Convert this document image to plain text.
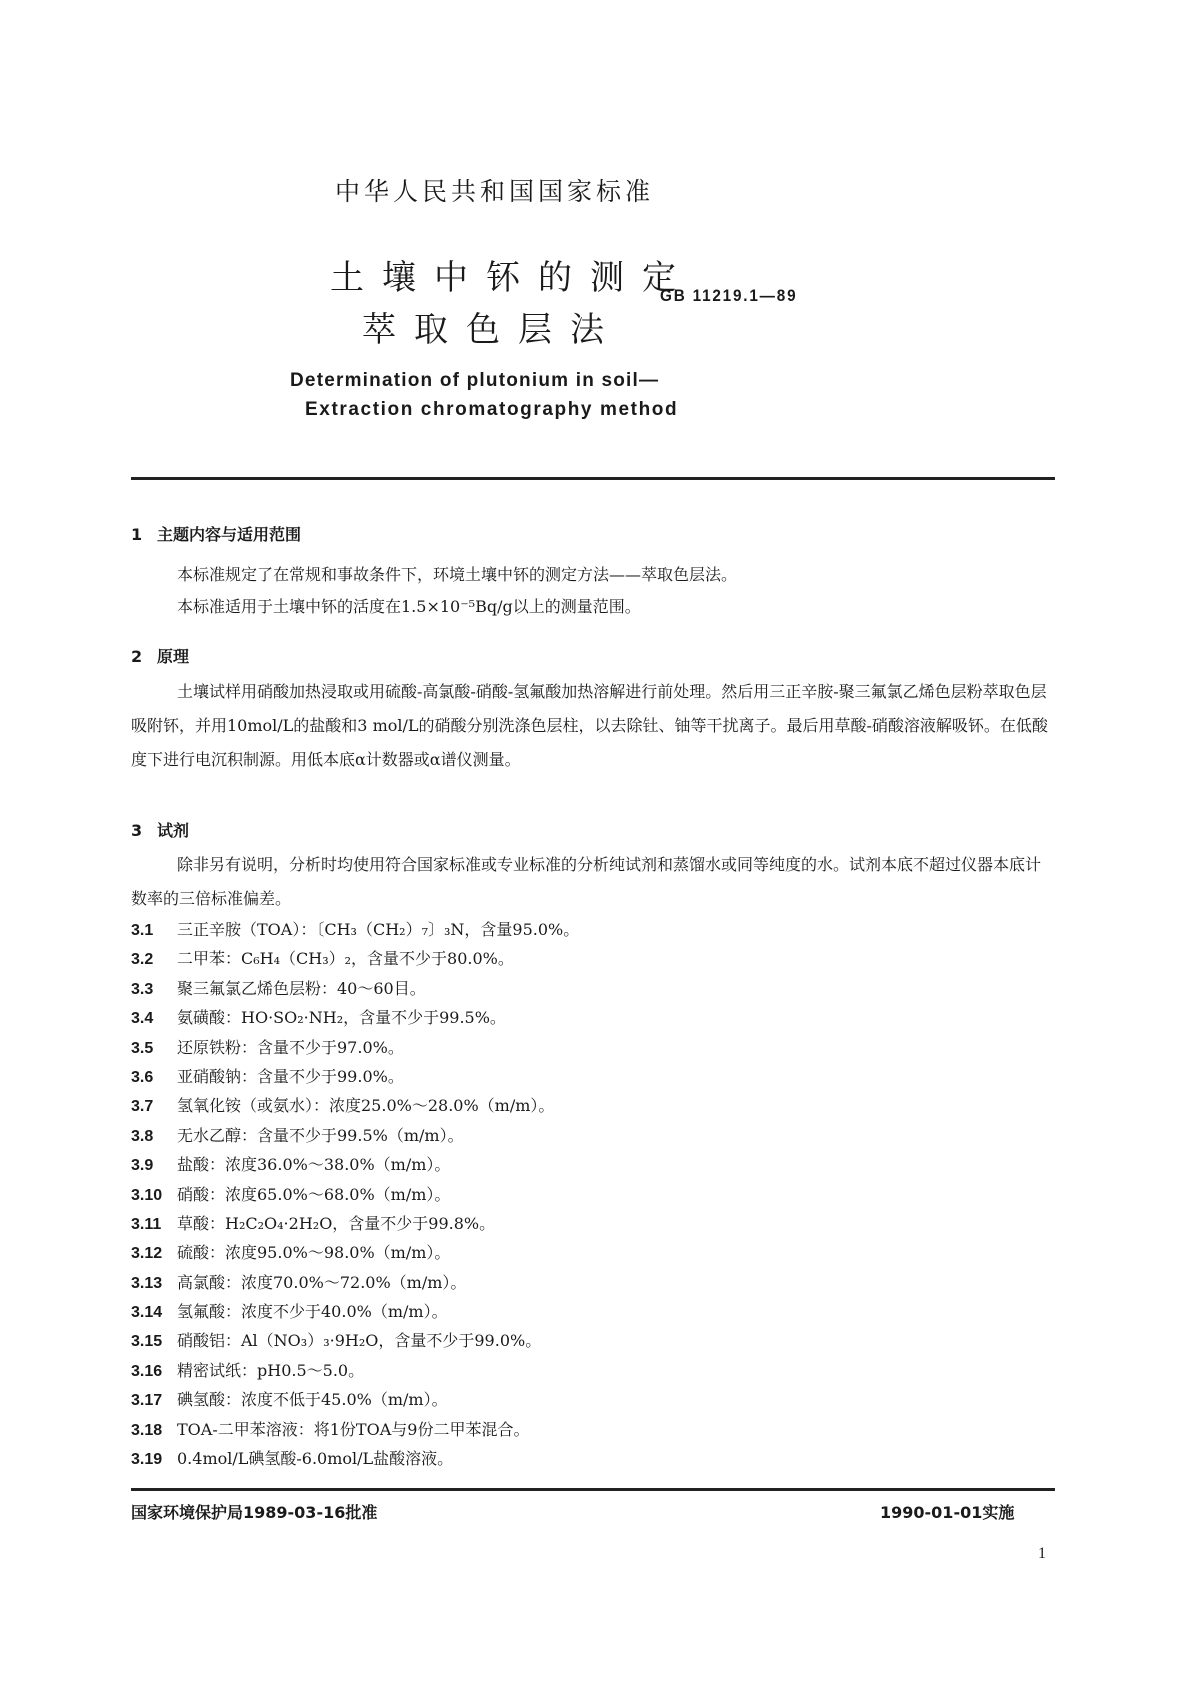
中华人民共和国国家标准
土壤中钚的测定
萃取色层法
GB 11219.1—89
Determination of plutonium in soil—
Extraction chromatography method
1 主题内容与适用范围
本标准规定了在常规和事故条件下，环境土壤中钚的测定方法——萃取色层法。
本标准适用于土壤中钚的活度在1.5×10⁻⁵Bq/g以上的测量范围。
2 原理
土壤试样用硝酸加热浸取或用硫酸-高氯酸-硝酸-氢氟酸加热溶解进行前处理。然后用三正辛胺-聚三氟氯乙烯色层粉萃取色层吸附钚，并用10mol/L的盐酸和3 mol/L的硝酸分别洗涤色层柱，以去除钍、铀等干扰离子。最后用草酸-硝酸溶液解吸钚。在低酸度下进行电沉积制源。用低本底α计数器或α谱仪测量。
3 试剂
除非另有说明，分析时均使用符合国家标准或专业标准的分析纯试剂和蒸馏水或同等纯度的水。试剂本底不超过仪器本底计数率的三倍标准偏差。
3.1 三正辛胺（TOA）：〔CH₃（CH₂）₇〕₃N，含量95.0%。
3.2 二甲苯：C₆H₄（CH₃）₂，含量不少于80.0%。
3.3 聚三氟氯乙烯色层粉：40～60目。
3.4 氨磺酸：HO·SO₂·NH₂，含量不少于99.5%。
3.5 还原铁粉：含量不少于97.0%。
3.6 亚硝酸钠：含量不少于99.0%。
3.7 氢氧化铵（或氨水）：浓度25.0%～28.0%（m/m）。
3.8 无水乙醇：含量不少于99.5%（m/m）。
3.9 盐酸：浓度36.0%～38.0%（m/m）。
3.10 硝酸：浓度65.0%～68.0%（m/m）。
3.11 草酸：H₂C₂O₄·2H₂O，含量不少于99.8%。
3.12 硫酸：浓度95.0%～98.0%（m/m）。
3.13 高氯酸：浓度70.0%～72.0%（m/m）。
3.14 氢氟酸：浓度不少于40.0%（m/m）。
3.15 硝酸铝：Al（NO₃）₃·9H₂O，含量不少于99.0%。
3.16 精密试纸：pH0.5～5.0。
3.17 碘氢酸：浓度不低于45.0%（m/m）。
3.18 TOA-二甲苯溶液：将1份TOA与9份二甲苯混合。
3.19 0.4mol/L碘氢酸-6.0mol/L盐酸溶液。
国家环境保护局1989-03-16批准	1990-01-01实施
1
